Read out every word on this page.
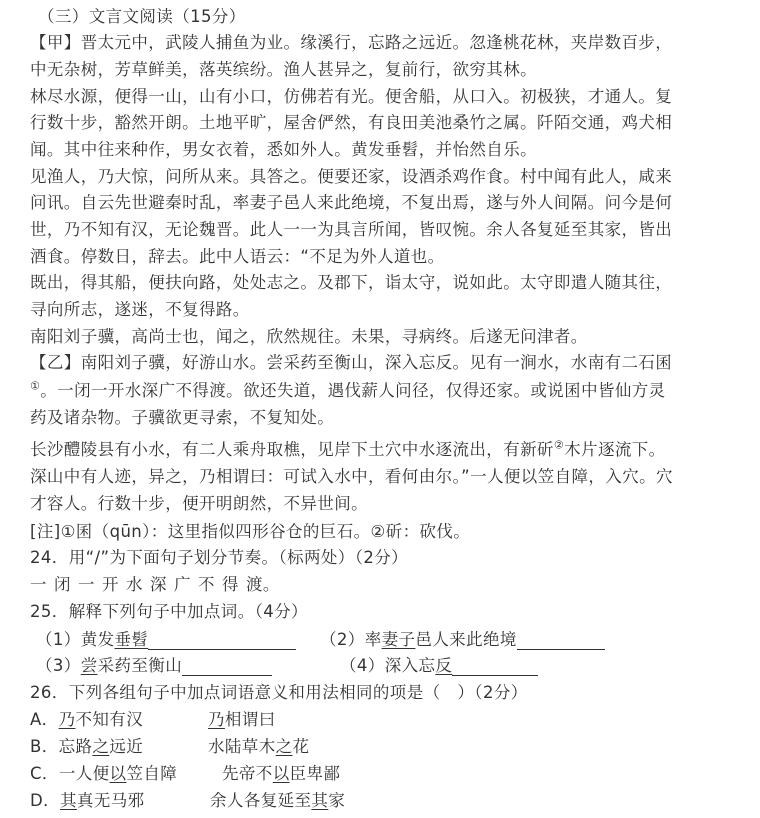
（三）文言文阅读（15分）
【甲】晋太元中，武陵人捕鱼为业。缘溪行，忘路之远近。忽逢桃花林，夹岸数百步，
中无杂树，芳草鲜美，落英缤纷。渔人甚异之，复前行，欲穷其林。
林尽水源，便得一山，山有小口，仿佛若有光。便舍船，从口入。初极狭，才通人。复
行数十步，豁然开朗。土地平旷，屋舍俨然，有良田美池桑竹之属。阡陌交通，鸡犬相
闻。其中往来种作，男女衣着，悉如外人。黄发垂髫，并怡然自乐。
见渔人，乃大惊，问所从来。具答之。便要还家，设酒杀鸡作食。村中闻有此人，咸来
问讯。自云先世避秦时乱，率妻子邑人来此绝境，不复出焉，遂与外人间隔。问今是何
世，乃不知有汉，无论魏晋。此人一一为具言所闻，皆叹惋。余人各复延至其家，皆出
酒食。停数日，辞去。此中人语云：“不足为外人道也。
既出，得其船，便扶向路，处处志之。及郡下，诣太守，说如此。太守即遣人随其往，
寻向所志，遂迷，不复得路。
南阳刘子骥，高尚士也，闻之，欣然规往。未果，寻病终。后遂无问津者。
【乙】南阳刘子骥，好游山水。尝采药至衡山，深入忘反。见有一涧水，水南有二石囷
①。一闭一开水深广不得渡。欲还失道，遇伐薪人问径，仅得还家。或说囷中皆仙方灵
药及诸杂物。子骥欲更寻索，不复知处。
长沙醴陵县有小水，有二人乘舟取樵，见岸下土穴中水逐流出，有新斫②木片逐流下。
深山中有人迹，异之，乃相谓曰：可试入水中，看何由尔。”一人便以笠自障，入穴。穴
才容人。行数十步，便开明朗然，不异世间。
[注]①囷（qūn）：这里指似四形谷仓的巨石。②斫：砍伐。
24．用“/”为下面句子划分节奏。（标两处）（2分）
一 闭 一 开 水 深 广 不 得 渡。
25．解释下列句子中加点词。（4分）
（1）黄发垂髫	（2）率妻子邑人来此绝境
（3）尝采药至衡山	（4）深入忘反
26．下列各组句子中加点词语意义和用法相同的项是（　）（2分）
A．乃不知有汉	乃相谓曰
B．忘路之远近	水陆草木之花
C．一人便以笠自障	先帝不以臣卑鄙
D．其真无马邪	余人各复延至其家
